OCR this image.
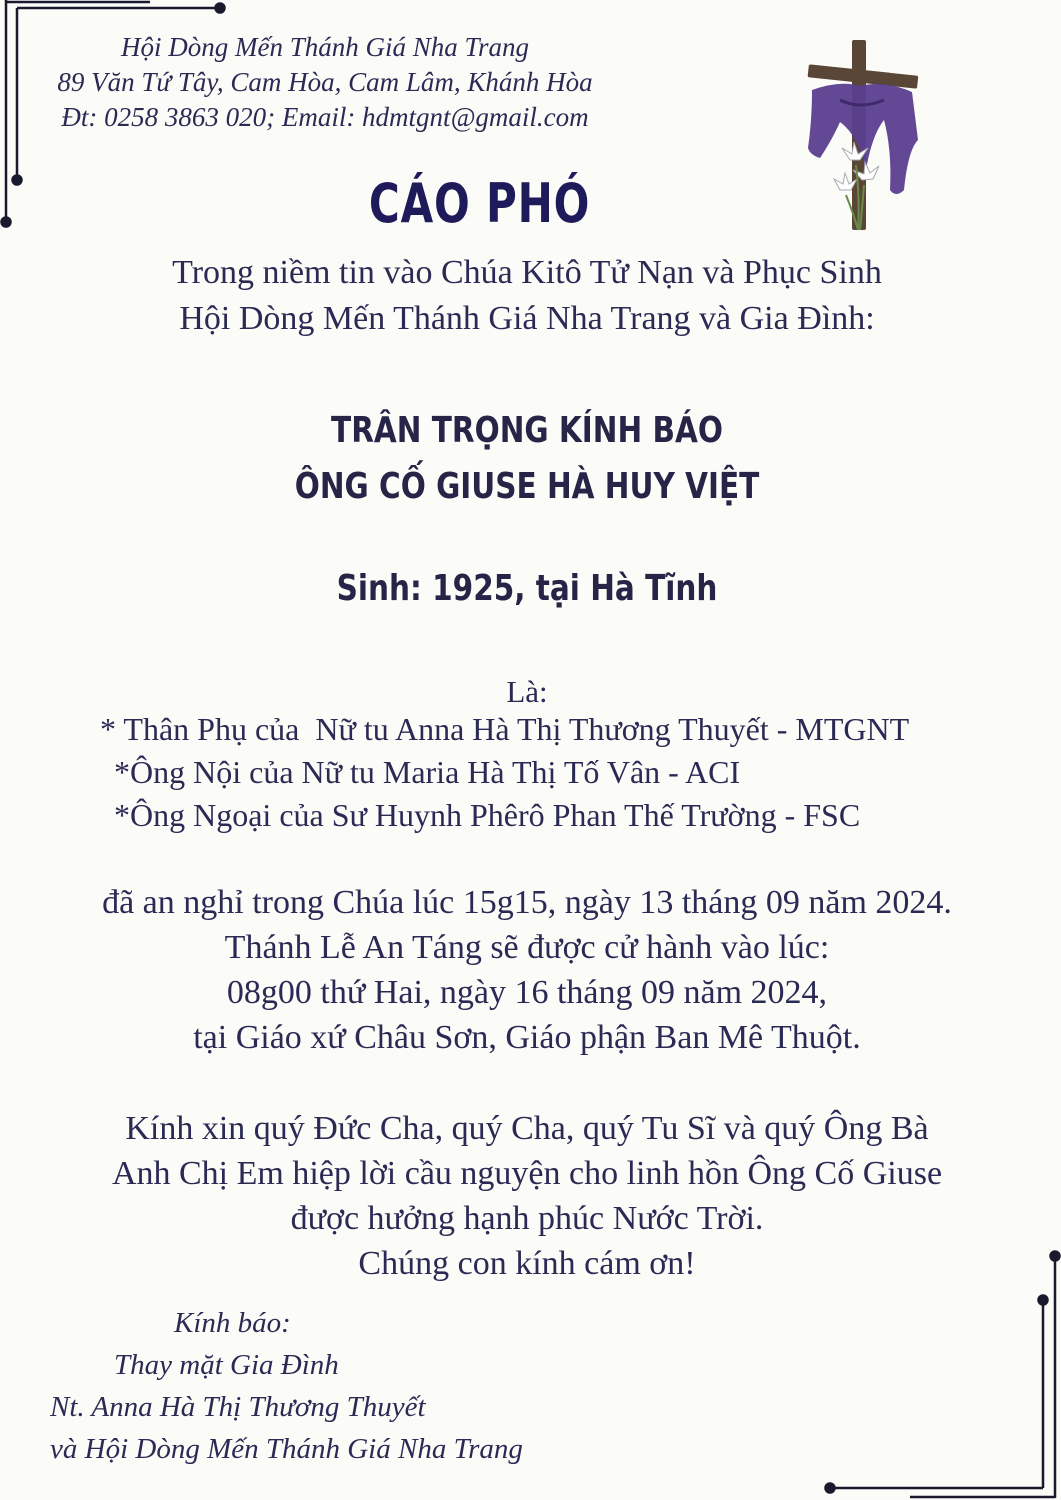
Hội Dòng Mến Thánh Giá Nha Trang
89 Văn Tứ Tây, Cam Hòa, Cam Lâm, Khánh Hòa
Đt: 0258 3863 020; Email: hdmtgnt@gmail.com
CÁO PHÓ
Trong niềm tin vào Chúa Kitô Tử Nạn và Phục Sinh
Hội Dòng Mến Thánh Giá Nha Trang và Gia Đình:
TRÂN TRỌNG KÍNH BÁO
ÔNG CỐ GIUSE HÀ HUY VIỆT
Sinh: 1925, tại Hà Tĩnh
Là:
* Thân Phụ của  Nữ tu Anna Hà Thị Thương Thuyết - MTGNT
*Ông Nội của Nữ tu Maria Hà Thị Tố Vân - ACI
*Ông Ngoại của Sư Huynh Phêrô Phan Thế Trường - FSC
đã an nghỉ trong Chúa lúc 15g15, ngày 13 tháng 09 năm 2024.
Thánh Lễ An Táng sẽ được cử hành vào lúc:
08g00 thứ Hai, ngày 16 tháng 09 năm 2024,
tại Giáo xứ Châu Sơn, Giáo phận Ban Mê Thuột.
Kính xin quý Đức Cha, quý Cha, quý Tu Sĩ và quý Ông Bà
Anh Chị Em hiệp lời cầu nguyện cho linh hồn Ông Cố Giuse
được hưởng hạnh phúc Nước Trời.
Chúng con kính cám ơn!
Kính báo:
Thay mặt Gia Đình
Nt. Anna Hà Thị Thương Thuyết
và Hội Dòng Mến Thánh Giá Nha Trang
